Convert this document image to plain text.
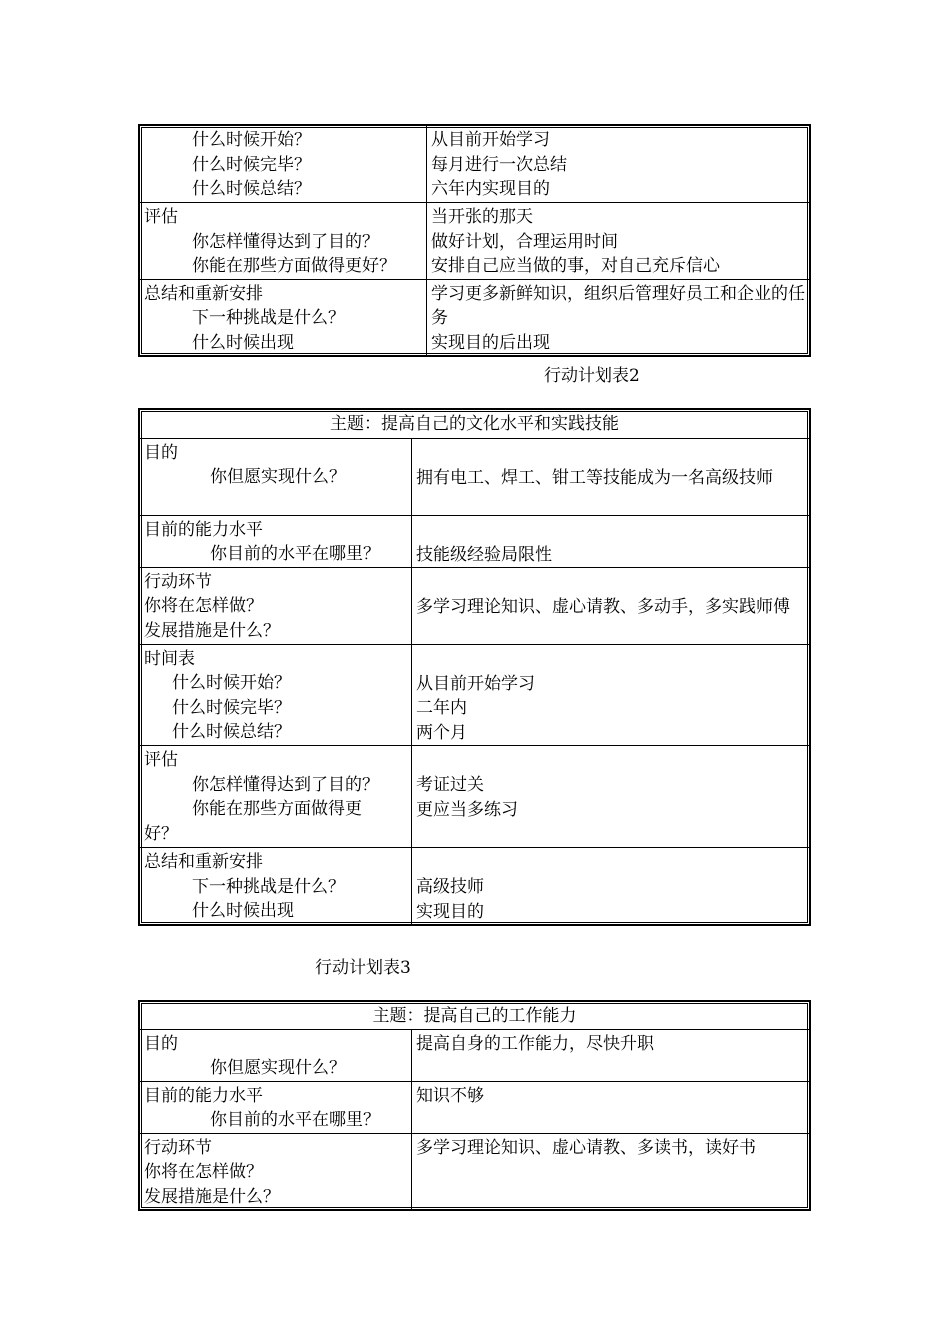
什么时候开始？
什么时候完毕？
什么时候总结？
从目前开始学习
每月进行一次总结
六年内实现目的
评估
你怎样懂得达到了目的？
你能在那些方面做得更好？
当开张的那天
做好计划，合理运用时间
安排自己应当做的事，对自己充斥信心
总结和重新安排
下一种挑战是什么？
什么时候出现
学习更多新鲜知识，组织后管理好员工和企业的任务
实现目的后出现
行动计划表2
主题：提高自己的文化水平和实践技能
目的
你但愿实现什么？	拥有电工、焊工、钳工等技能成为一名高级技师
目前的能力水平
你目前的水平在哪里？	技能级经验局限性
行动环节
你将在怎样做？
发展措施是什么？
多学习理论知识、虚心请教、多动手，多实践师傅
时间表
什么时候开始？
什么时候完毕？
什么时候总结？
从目前开始学习
二年内
两个月
评估
你怎样懂得达到了目的？
你能在那些方面做得更
好？
考证过关
更应当多练习
总结和重新安排
下一种挑战是什么？
什么时候出现
高级技师
实现目的
行动计划表3
主题：提高自己的工作能力
目的
你但愿实现什么？
提高自身的工作能力，尽快升职
目前的能力水平
你目前的水平在哪里？
知识不够
行动环节
你将在怎样做？
发展措施是什么？
多学习理论知识、虚心请教、多读书，读好书
